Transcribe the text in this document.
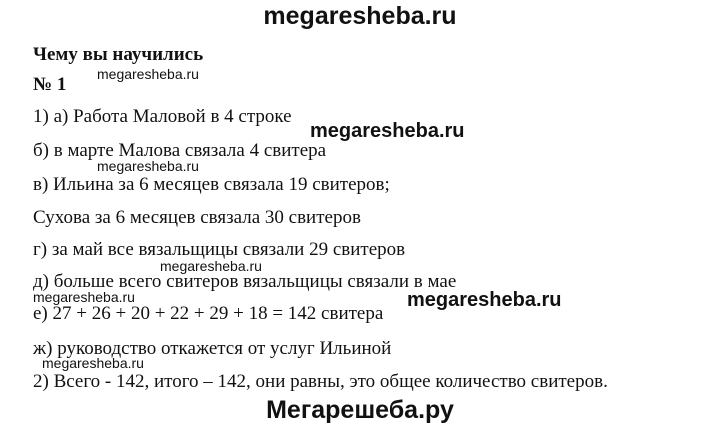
megaresheba.ru
Чему вы научились
№ 1 megaresheba.ru
1) а) Работа Маловой в 4 строке
megaresheba.ru
б) в марте Малова связала 4 свитера
megaresheba.ru
в) Ильина за 6 месяцев связала 19 свитеров;
Сухова за 6 месяцев связала 30 свитеров
г) за май все вязальщицы связали 29 свитеров
megaresheba.ru
д) больше всего свитеров вязальщицы связали в мае
megaresheba.ru	megaresheba.ru
е) 27 + 26 + 20 + 22 + 29 + 18 = 142 свитера
ж) руководство откажется от услуг Ильиной
megaresheba.ru
2) Всего - 142, итого – 142, они равны, это общее количество свитеров.
Мегарешеба.ру
